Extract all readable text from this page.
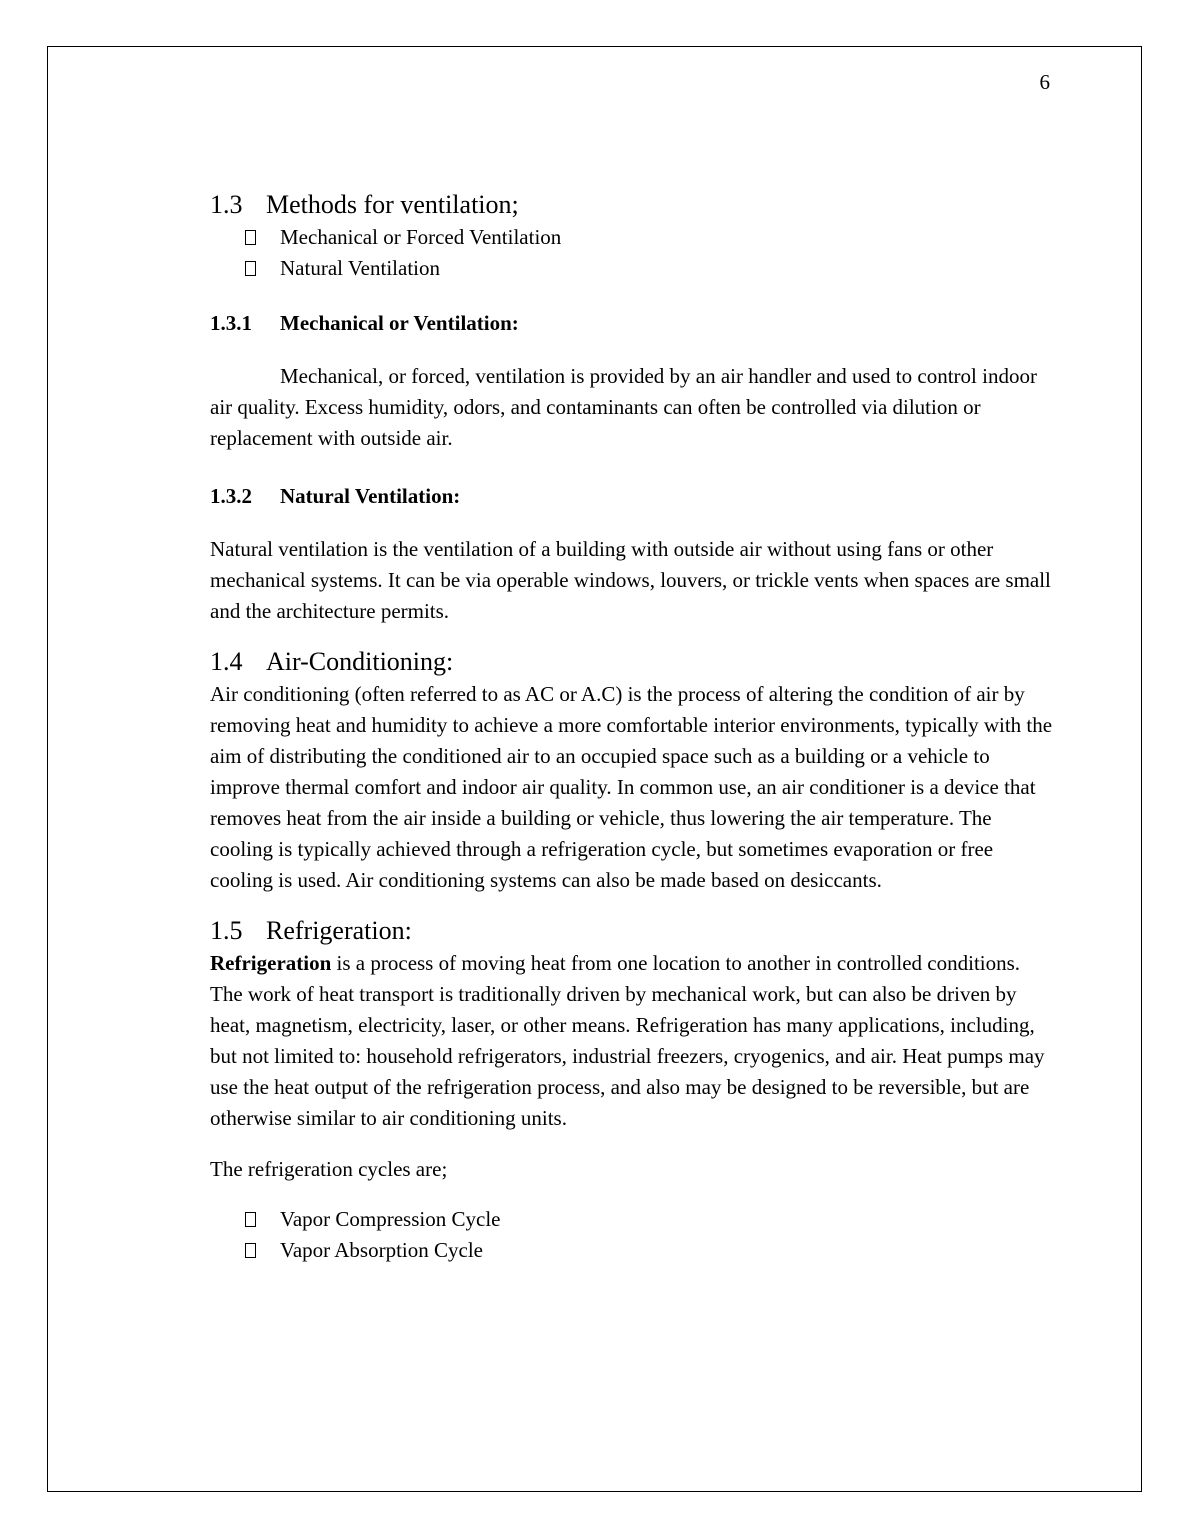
6
1.3 Methods for ventilation;
Mechanical or Forced Ventilation
Natural Ventilation
1.3.1 Mechanical or Ventilation:

Mechanical, or forced, ventilation is provided by an air handler and used to control indoor air quality. Excess humidity, odors, and contaminants can often be controlled via dilution or replacement with outside air.

1.3.2 Natural Ventilation:

Natural ventilation is the ventilation of a building with outside air without using fans or other mechanical systems. It can be via operable windows, louvers, or trickle vents when spaces are small and the architecture permits.

1.4 Air-Conditioning:

Air conditioning (often referred to as AC or A.C) is the process of altering the condition of air by removing heat and humidity to achieve a more comfortable interior environments, typically with the aim of distributing the conditioned air to an occupied space such as a building or a vehicle to improve thermal comfort and indoor air quality. In common use, an air conditioner is a device that removes heat from the air inside a building or vehicle, thus lowering the air temperature. The cooling is typically achieved through a refrigeration cycle, but sometimes evaporation or free cooling is used. Air conditioning systems can also be made based on desiccants.

1.5 Refrigeration:

Refrigeration is a process of moving heat from one location to another in controlled conditions. The work of heat transport is traditionally driven by mechanical work, but can also be driven by heat, magnetism, electricity, laser, or other means. Refrigeration has many applications, including, but not limited to: household refrigerators, industrial freezers, cryogenics, and air. Heat pumps may use the heat output of the refrigeration process, and also may be designed to be reversible, but are otherwise similar to air conditioning units.

The refrigeration cycles are;

Vapor Compression Cycle
Vapor Absorption Cycle
